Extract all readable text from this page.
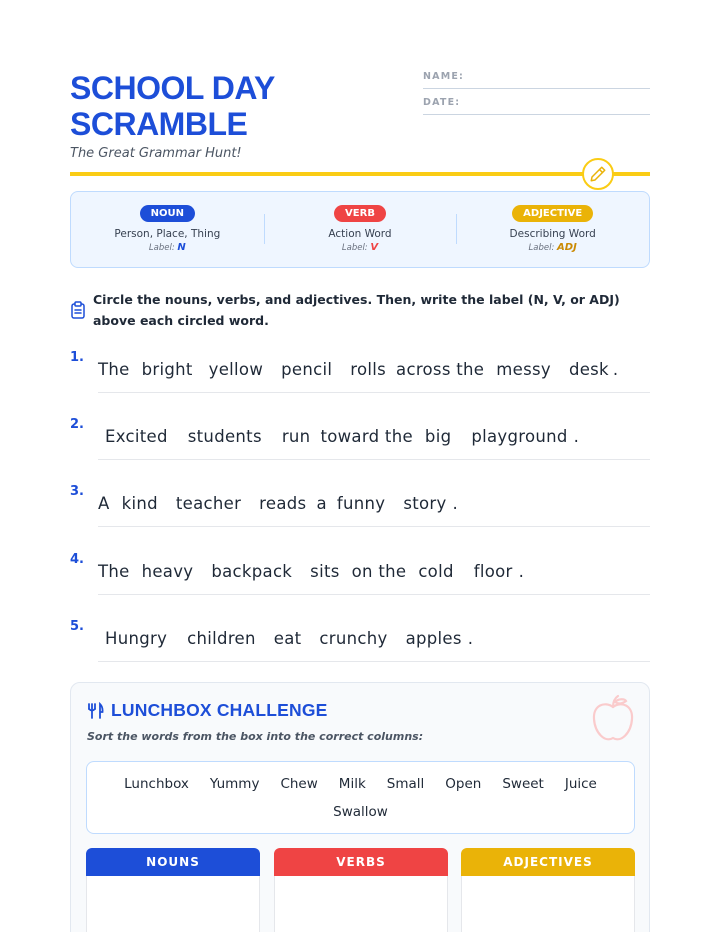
SCHOOL DAY
SCRAMBLE
The Great Grammar Hunt!
NAME:
DATE:
NOUN
Person, Place, Thing
Label: N
VERB
Action Word
Label: V
ADJECTIVE
Describing Word
Label: ADJ
Circle the nouns, verbs, and adjectives. Then, write the label (N, V, or ADJ) above each circled word.
1.
The bright yellow pencil rolls across the messy desk .
2.
Excited students run toward the big playground .
3.
A kind teacher reads a funny story .
4.
The heavy backpack sits on the cold floor .
5.
Hungry children eat crunchy apples .
LUNCHBOX CHALLENGE
Sort the words from the box into the correct columns:
Lunchbox Yummy Chew Milk Small Open Sweet Juice
Swallow
NOUNS	VERBS	ADJECTIVES
